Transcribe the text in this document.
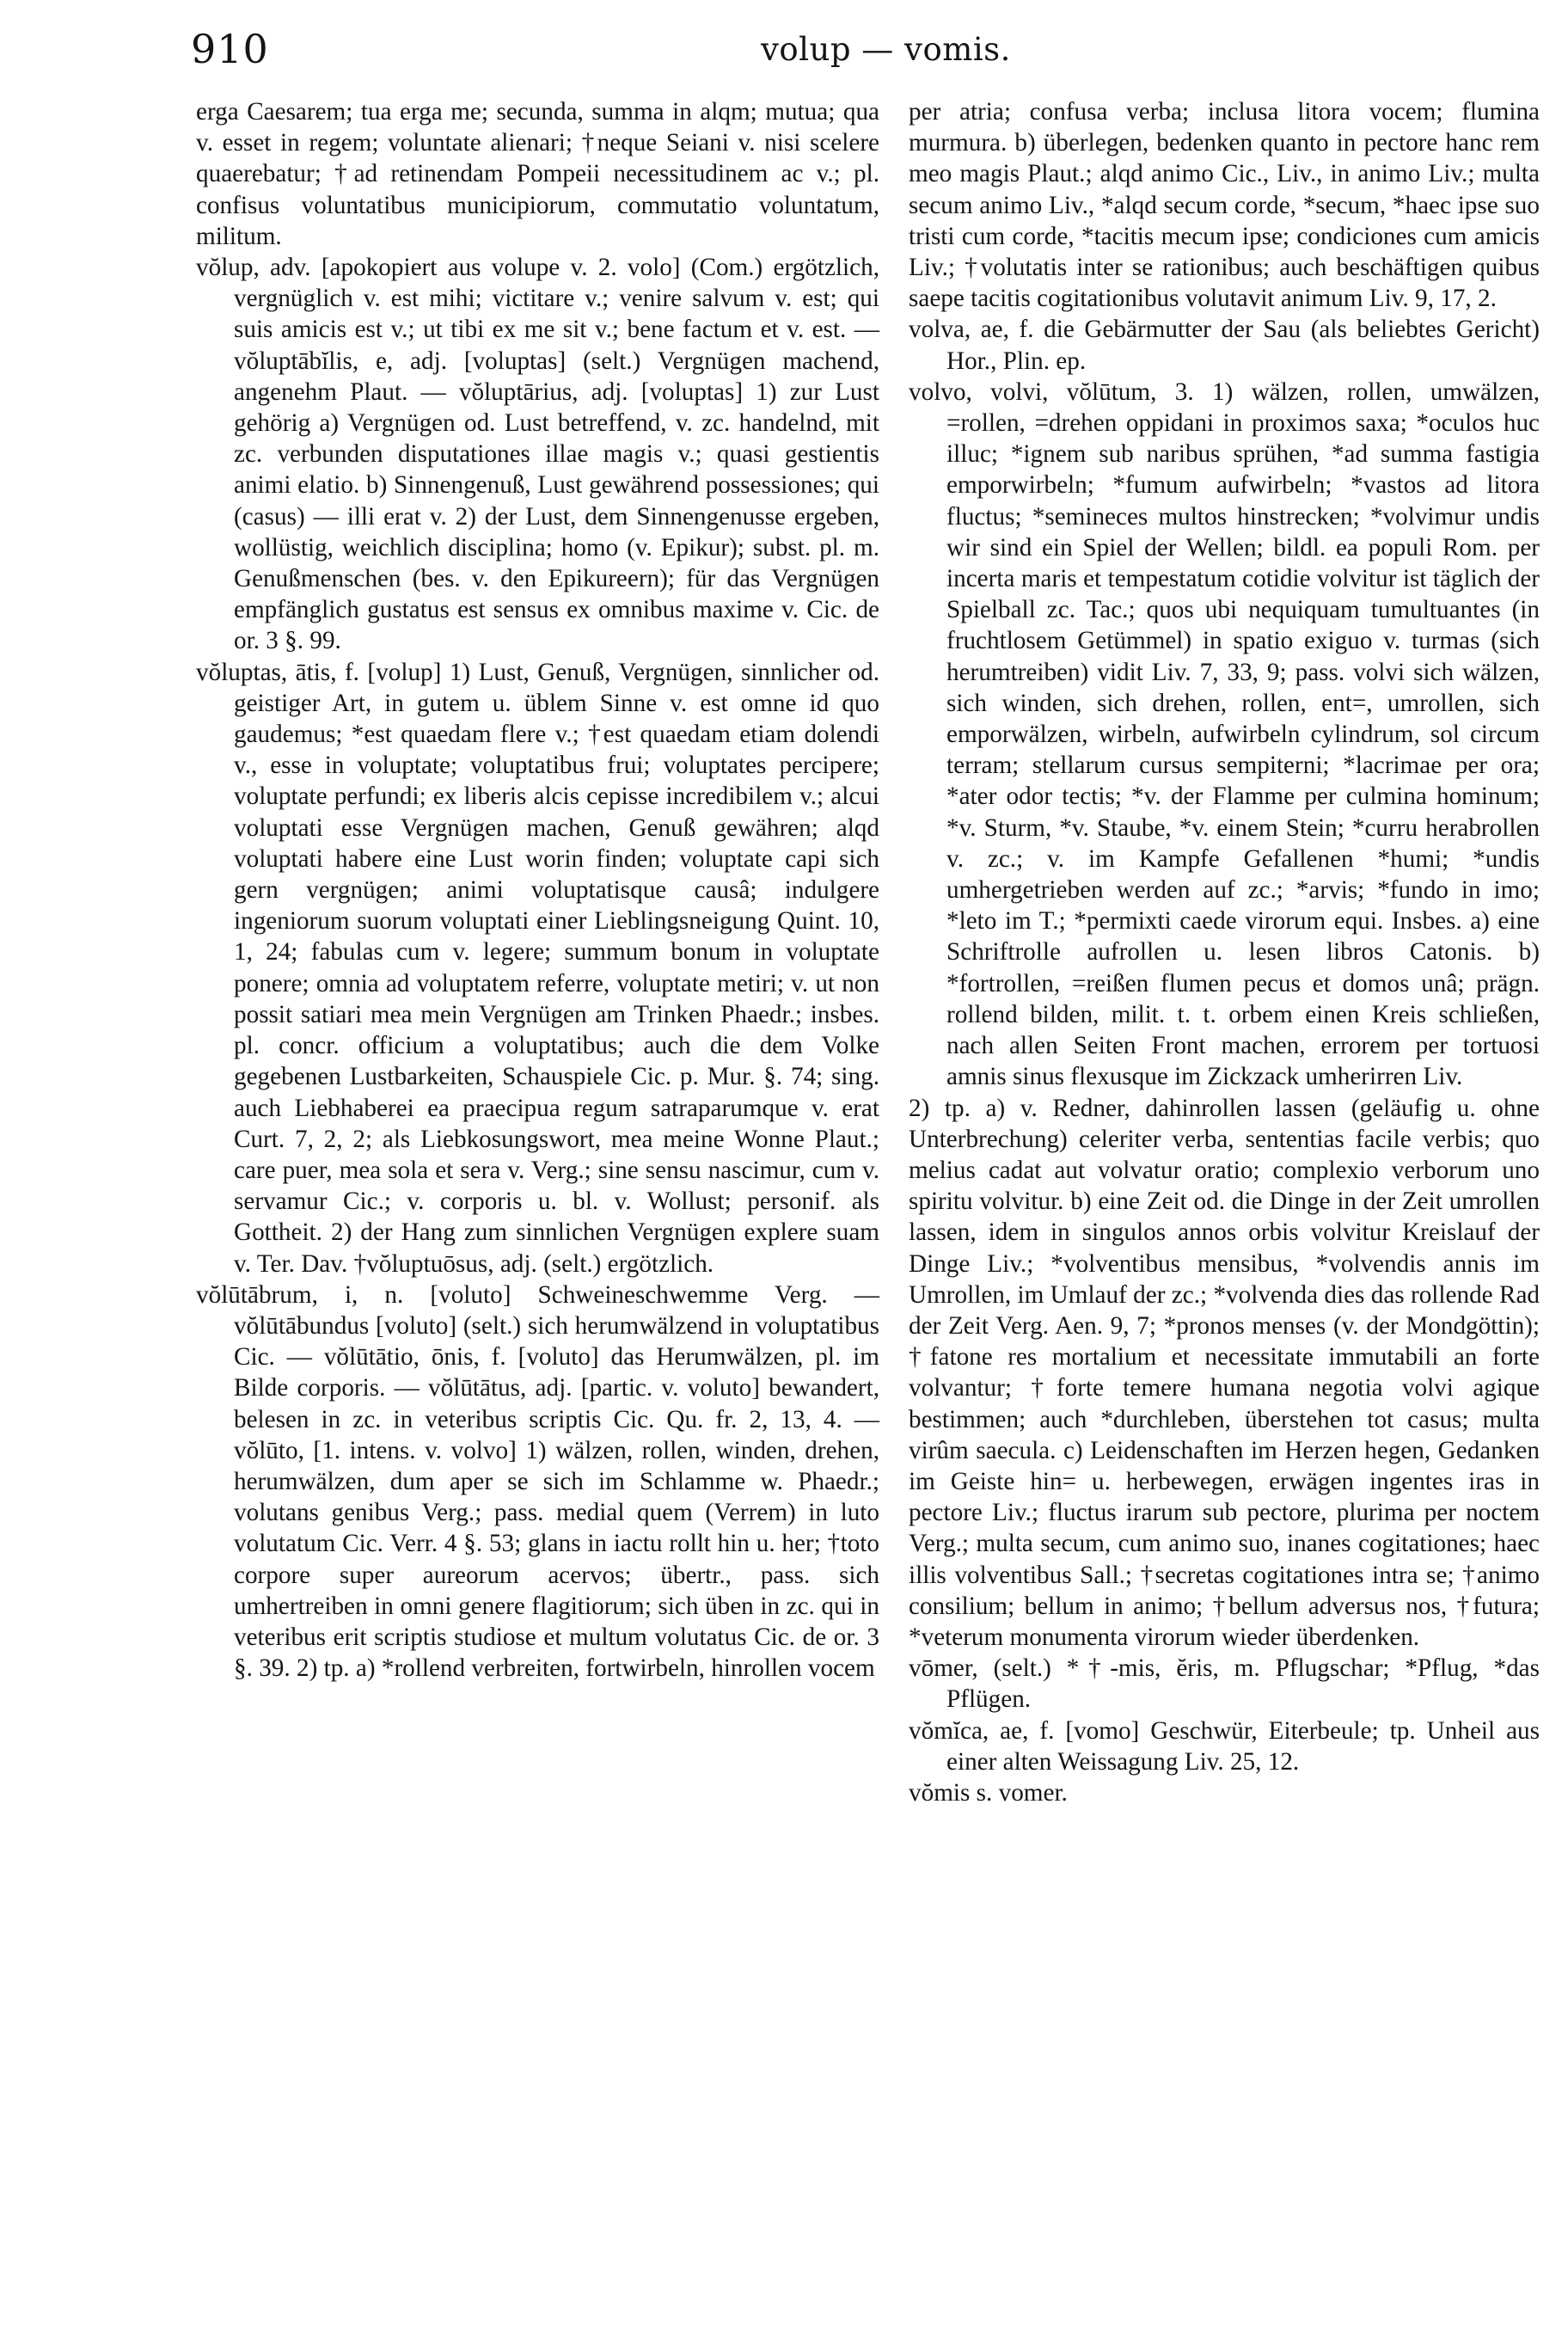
910	volup — vomis.

erga Caesarem; tua erga me; secunda, summa in alqm; mutua; qua v. esset in regem; voluntate alienari; †neque Seiani v. nisi scelere quaerebatur; †ad retinendam Pompeii necessitudinem ac v.; pl. confisus voluntatibus municipiorum, commutatio voluntatum, militum.

vŏlup, adv. [apokopiert aus volupe v. 2. volo] (Com.) ergötzlich, vergnüglich v. est mihi; victitare v.; venire salvum v. est; qui suis amicis est v.; ut tibi ex me sit v.; bene factum et v. est. — vŏluptābĭlis, e, adj. [voluptas] (selt.) Vergnügen machend, angenehm Plaut. — vŏluptārius, adj. [voluptas] 1) zur Lust gehörig a) Vergnügen od. Lust betreffend, v. zc. handelnd, mit zc. verbunden disputationes illae magis v.; quasi gestientis animi elatio. b) Sinnengenuß, Lust gewährend possessiones; qui (casus) — illi erat v. 2) der Lust, dem Sinnengenusse ergeben, wollüstig, weichlich disciplina; homo (v. Epikur); subst. pl. m. Genußmenschen (bes. v. den Epikureern); für das Vergnügen empfänglich gustatus est sensus ex omnibus maxime v. Cic. de or. 3 §. 99.

vŏluptas, ātis, f. [volup] 1) Lust, Genuß, Vergnügen, sinnlicher od. geistiger Art, in gutem u. üblem Sinne v. est omne id quo gaudemus; *est quaedam flere v.; †est quaedam etiam dolendi v., esse in voluptate; voluptatibus frui; voluptates percipere; voluptate perfundi; ex liberis alcis cepisse incredibilem v.; alcui voluptati esse Vergnügen machen, Genuß gewähren; alqd voluptati habere eine Lust worin finden; voluptate capi sich gern vergnügen; animi voluptatisque causâ; indulgere ingeniorum suorum voluptati einer Lieblingsneigung Quint. 10, 1, 24; fabulas cum v. legere; summum bonum in voluptate ponere; omnia ad voluptatem referre, voluptate metiri; v. ut non possit satiari mea mein Vergnügen am Trinken Phaedr.; insbes. pl. concr. officium a voluptatibus; auch die dem Volke gegebenen Lustbarkeiten, Schauspiele Cic. p. Mur. §. 74; sing. auch Liebhaberei ea praecipua regum satraparumque v. erat Curt. 7, 2, 2; als Liebkosungswort, mea meine Wonne Plaut.; care puer, mea sola et sera v. Verg.; sine sensu nascimur, cum v. servamur Cic.; v. corporis u. bl. v. Wollust; personif. als Gottheit. 2) der Hang zum sinnlichen Vergnügen explere suam v. Ter. Dav. †vŏluptuōsus, adj. (selt.) ergötzlich.

vŏlūtābrum, i, n. [voluto] Schweineschwemme Verg. — vŏlūtābundus [voluto] (selt.) sich herumwälzend in voluptatibus Cic. — vŏlūtātio, ōnis, f. [voluto] das Herumwälzen, pl. im Bilde corporis. — vŏlūtātus, adj. [partic. v. voluto] bewandert, belesen in zc. in veteribus scriptis Cic. Qu. fr. 2, 13, 4. — vŏlūto, [1. intens. v. volvo] 1) wälzen, rollen, winden, drehen, herumwälzen, dum aper se sich im Schlamme w. Phaedr.; volutans genibus Verg.; pass. medial quem (Verrem) in luto volutatum Cic. Verr. 4 §. 53; glans in iactu rollt hin u. her; †toto corpore super aureorum acervos; übertr., pass. sich umhertreiben in omni genere flagitiorum; sich üben in zc. qui in veteribus erit scriptis studiose et multum volutatus Cic. de or. 3 §. 39. 2) tp. a) *rollend verbreiten, fortwirbeln, hinrollen vocem

per atria; confusa verba; inclusa litora vocem; flumina murmura. b) überlegen, bedenken quanto in pectore hanc rem meo magis Plaut.; alqd animo Cic., Liv., in animo Liv.; multa secum animo Liv., *alqd secum corde, *secum, *haec ipse suo tristi cum corde, *tacitis mecum ipse; condiciones cum amicis Liv.; †volutatis inter se rationibus; auch beschäftigen quibus saepe tacitis cogitationibus volutavit animum Liv. 9, 17, 2.

volva, ae, f. die Gebärmutter der Sau (als beliebtes Gericht) Hor., Plin. ep.

volvo, volvi, vŏlūtum, 3. 1) wälzen, rollen, umwälzen, =rollen, =drehen oppidani in proximos saxa; *oculos huc illuc; *ignem sub naribus sprühen, *ad summa fastigia emporwirbeln; *fumum aufwirbeln; *vastos ad litora fluctus; *semineces multos hinstrecken; *volvimur undis wir sind ein Spiel der Wellen; bildl. ea populi Rom. per incerta maris et tempestatum cotidie volvitur ist täglich der Spielball zc. Tac.; quos ubi nequiquam tumultuantes (in fruchtlosem Getümmel) in spatio exiguo v. turmas (sich herumtreiben) vidit Liv. 7, 33, 9; pass. volvi sich wälzen, sich winden, sich drehen, rollen, ent=, umrollen, sich emporwälzen, wirbeln, aufwirbeln cylindrum, sol circum terram; stellarum cursus sempiterni; *lacrimae per ora; *ater odor tectis; *v. der Flamme per culmina hominum; *v. Sturm, *v. Staube, *v. einem Stein; *curru herabrollen v. zc.; v. im Kampfe Gefallenen *humi; *undis umhergetrieben werden auf zc.; *arvis; *fundo in imo; *leto im T.; *permixti caede virorum equi. Insbes. a) eine Schriftrolle aufrollen u. lesen libros Catonis. b) *fortrollen, =reißen flumen pecus et domos unâ; prägn. rollend bilden, milit. t. t. orbem einen Kreis schließen, nach allen Seiten Front machen, errorem per tortuosi amnis sinus flexusque im Zickzack umherirren Liv.

2) tp. a) v. Redner, dahinrollen lassen (geläufig u. ohne Unterbrechung) celeriter verba, sententias facile verbis; quo melius cadat aut volvatur oratio; complexio verborum uno spiritu volvitur. b) eine Zeit od. die Dinge in der Zeit umrollen lassen, idem in singulos annos orbis volvitur Kreislauf der Dinge Liv.; *volventibus mensibus, *volvendis annis im Umrollen, im Umlauf der zc.; *volvenda dies das rollende Rad der Zeit Verg. Aen. 9, 7; *pronos menses (v. der Mondgöttin); †fatone res mortalium et necessitate immutabili an forte volvantur; †forte temere humana negotia volvi agique bestimmen; auch *durchleben, überstehen tot casus; multa virûm saecula. c) Leidenschaften im Herzen hegen, Gedanken im Geiste hin= u. herbewegen, erwägen ingentes iras in pectore Liv.; fluctus irarum sub pectore, plurima per noctem Verg.; multa secum, cum animo suo, inanes cogitationes; haec illis volventibus Sall.; †secretas cogitationes intra se; †animo consilium; bellum in animo; †bellum adversus nos, †futura; *veterum monumenta virorum wieder überdenken.

vōmer, (selt.) *†-mis, ĕris, m. Pflugschar; *Pflug, *das Pflügen.

vŏmĭca, ae, f. [vomo] Geschwür, Eiterbeule; tp. Unheil aus einer alten Weissagung Liv. 25, 12.

vŏmis s. vomer.
